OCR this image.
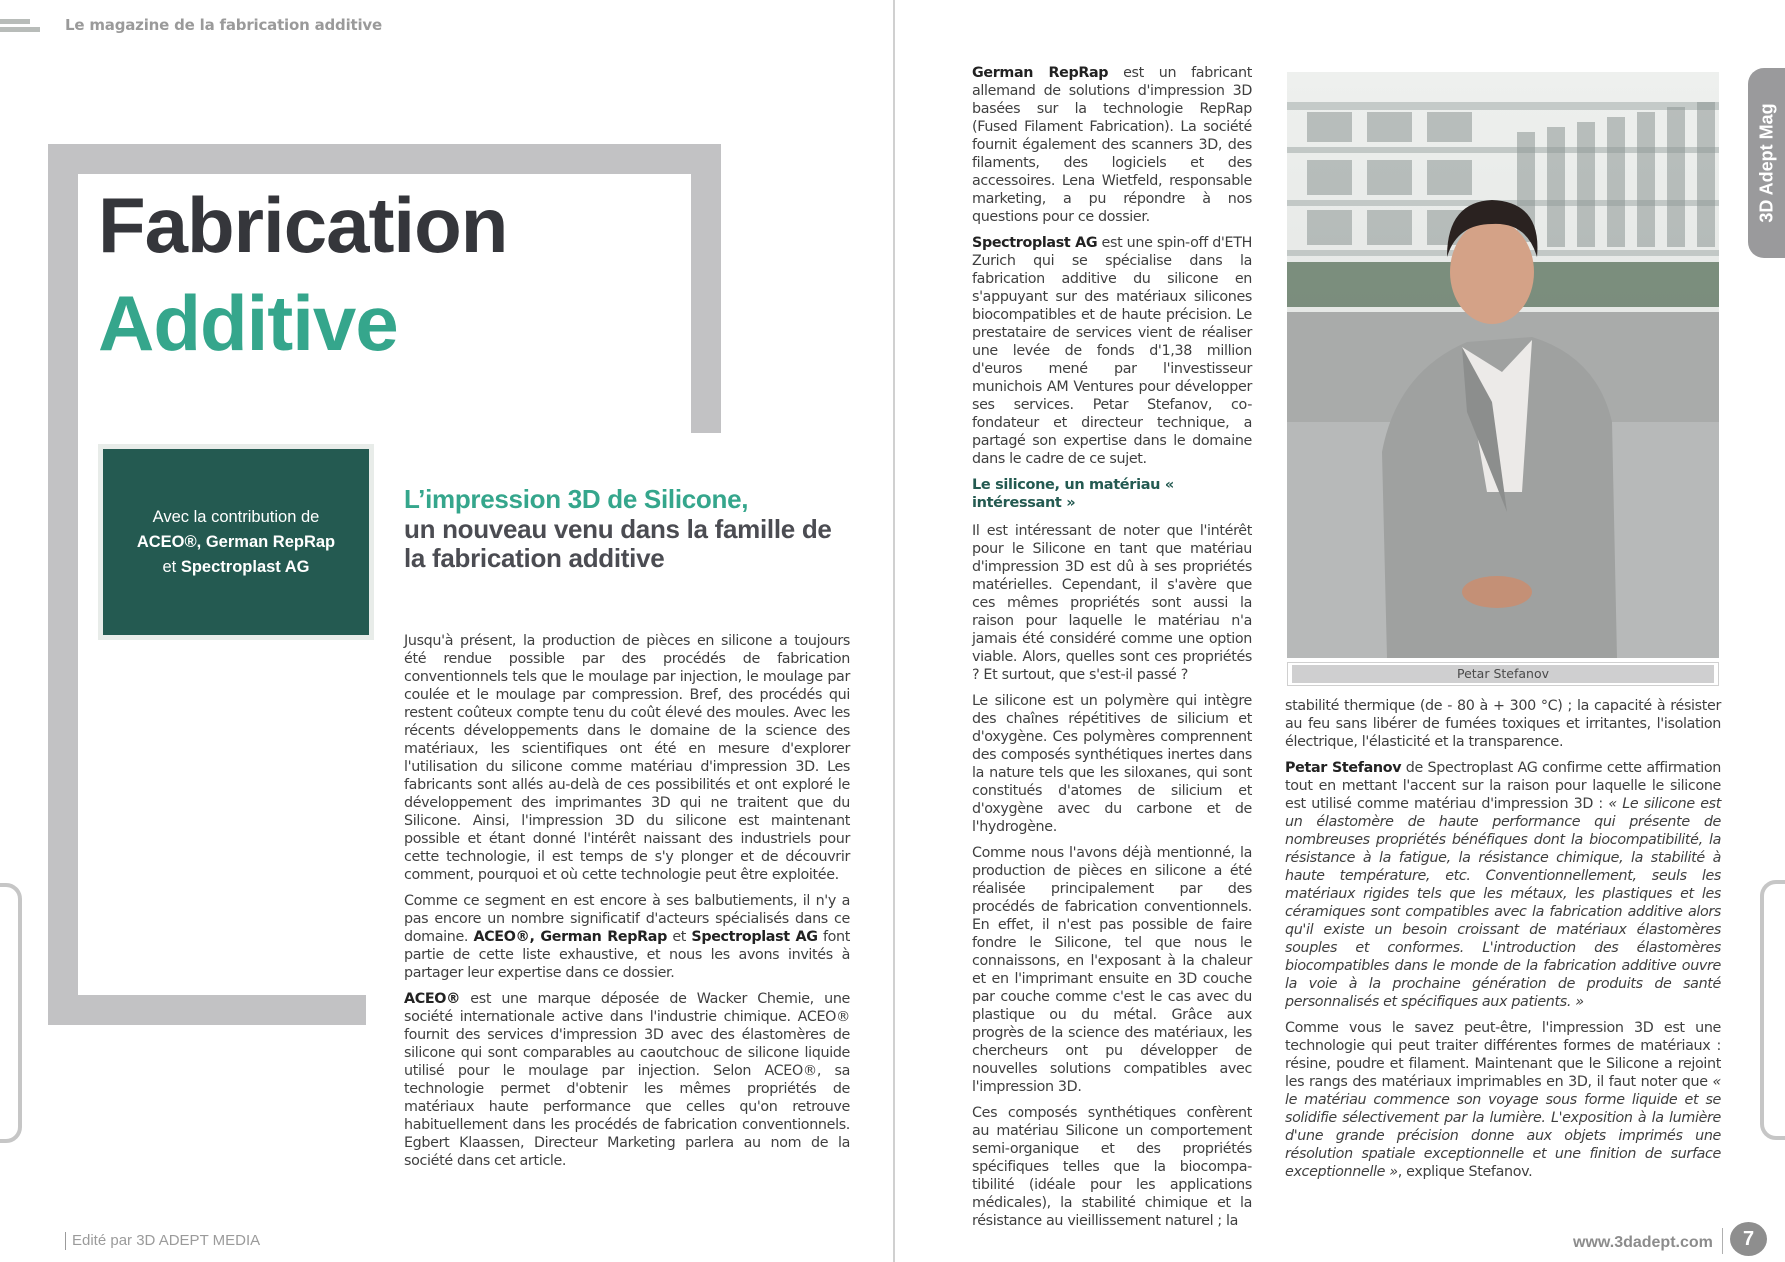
Le magazine de la fabrication additive
Fabrication
Additive
Avec la contribution de
ACEO®, German RepRap
et Spectroplast AG
L’impression 3D de Silicone,
un nouveau venu dans la famille de la fabrication additive

Jusqu'à présent, la production de pièces en silicone a toujours été rendue possible par des procédés de fabrication conventionnels tels que le moulage par injection, le moulage par coulée et le moulage par compression. Bref, des procédés qui restent coûteux compte tenu du coût élevé des moules. Avec les récents développements dans le domaine de la science des matériaux, les scientifiques ont été en mesure d'explorer l'utilisation du silicone comme matériau d'impression 3D. Les fabricants sont allés au-delà de ces possibilités et ont exploré le développement des imprimantes 3D qui ne traitent que du Silicone. Ainsi, l'impression 3D du silicone est maintenant possible et étant donné l'intérêt naissant des industriels pour cette technologie, il est temps de s'y plonger et de découvrir comment, pourquoi et où cette technologie peut être exploitée.

Comme ce segment en est encore à ses balbutiements, il n'y a pas encore un nombre significatif d'acteurs spécialisés dans ce domaine. ACEO®, German RepRap et Spectroplast AG font partie de cette liste exhaustive, et nous les avons invités à partager leur expertise dans ce dossier.

ACEO® est une marque déposée de Wacker Chemie, une société internationale active dans l'industrie chimique. ACEO® fournit des services d'impression 3D avec des élastomères de silicone qui sont comparables au caoutchouc de silicone liquide utilisé pour le moulage par injection. Selon ACEO®, sa technologie permet d'obtenir les mêmes propriétés de matériaux haute performance que celles qu'on retrouve habituellement dans les procédés de fabrication conventionnels. Egbert Klaassen, Directeur Marketing parlera au nom de la société dans cet article.

German RepRap est un fabricant allemand de solutions d'impression 3D basées sur la technologie RepRap (Fused Filament Fabrication). La société fournit également des scanners 3D, des filaments, des logiciels et des accessoires. Lena Wietfeld, responsable marketing, a pu répondre à nos questions pour ce dossier.

Spectroplast AG est une spin-off d'ETH Zurich qui se spécialise dans la fabrication additive du silicone en s'appuyant sur des matériaux silicones biocompatibles et de haute précision. Le prestataire de services vient de réaliser une levée de fonds d'1,38 million d'euros mené par l'investisseur munichois AM Ventures pour développer ses services. Petar Stefanov, co-fondateur et directeur technique, a partagé son expertise dans le domaine dans le cadre de ce sujet.

Le silicone, un matériau « intéressant »

Il est intéressant de noter que l'intérêt pour le Silicone en tant que matériau d'impression 3D est dû à ses propriétés matérielles. Cependant, il s'avère que ces mêmes propriétés sont aussi la raison pour laquelle le matériau n'a jamais été considéré comme une option viable. Alors, quelles sont ces propriétés ? Et surtout, que s'est-il passé ?

Le silicone est un polymère qui intègre des chaînes répétitives de silicium et d'oxygène. Ces polymères comprennent des composés synthétiques inertes dans la nature tels que les siloxanes, qui sont constitués d'atomes de silicium et d'oxygène avec du carbone et de l'hydrogène.

Comme nous l'avons déjà mentionné, la production de pièces en silicone a été réalisée principalement par des procédés de fabrication conventionnels. En effet, il n'est pas possible de faire fondre le Silicone, tel que nous le connaissons, en l'exposant à la chaleur et en l'imprimant ensuite en 3D couche par couche comme c'est le cas avec du plastique ou du métal. Grâce aux progrès de la science des matériaux, les chercheurs ont pu développer de nouvelles solutions compatibles avec l'impression 3D.

Ces composés synthétiques confèrent au matériau Silicone un comportement semi-organique et des propriétés spécifiques telles que la biocompa-tibilité (idéale pour les applications médicales), la stabilité chimique et la résistance au vieillissement naturel ; la

Petar Stefanov

stabilité thermique (de - 80 à + 300 °C) ; la capacité à résister au feu sans libérer de fumées toxiques et irritantes, l'isolation électrique, l'élasticité et la transparence.

Petar Stefanov de Spectroplast AG confirme cette affirmation tout en mettant l'accent sur la raison pour laquelle le silicone est utilisé comme matériau d'impression 3D : « Le silicone est un élastomère de haute performance qui présente de nombreuses propriétés bénéfiques dont la biocompatibilité, la résistance à la fatigue, la résistance chimique, la stabilité à haute température, etc. Conventionnellement, seuls les matériaux rigides tels que les métaux, les plastiques et les céramiques sont compatibles avec la fabrication additive alors qu'il existe un besoin croissant de matériaux élastomères souples et conformes. L'introduction des élastomères biocompatibles dans le monde de la fabrication additive ouvre la voie à la prochaine génération de produits de santé personnalisés et spécifiques aux patients. »

Comme vous le savez peut-être, l'impression 3D est une technologie qui peut traiter différentes formes de matériaux : résine, poudre et filament. Maintenant que le Silicone a rejoint les rangs des matériaux imprimables en 3D, il faut noter que « le matériau commence son voyage sous forme liquide et se solidifie sélectivement par la lumière. L'exposition à la lumière d'une grande précision donne aux objets imprimés une résolution spatiale exceptionnelle et une finition de surface exceptionnelle », explique Stefanov.

3D Adept Mag
Edité par 3D ADEPT MEDIA	www.3dadept.com	7
